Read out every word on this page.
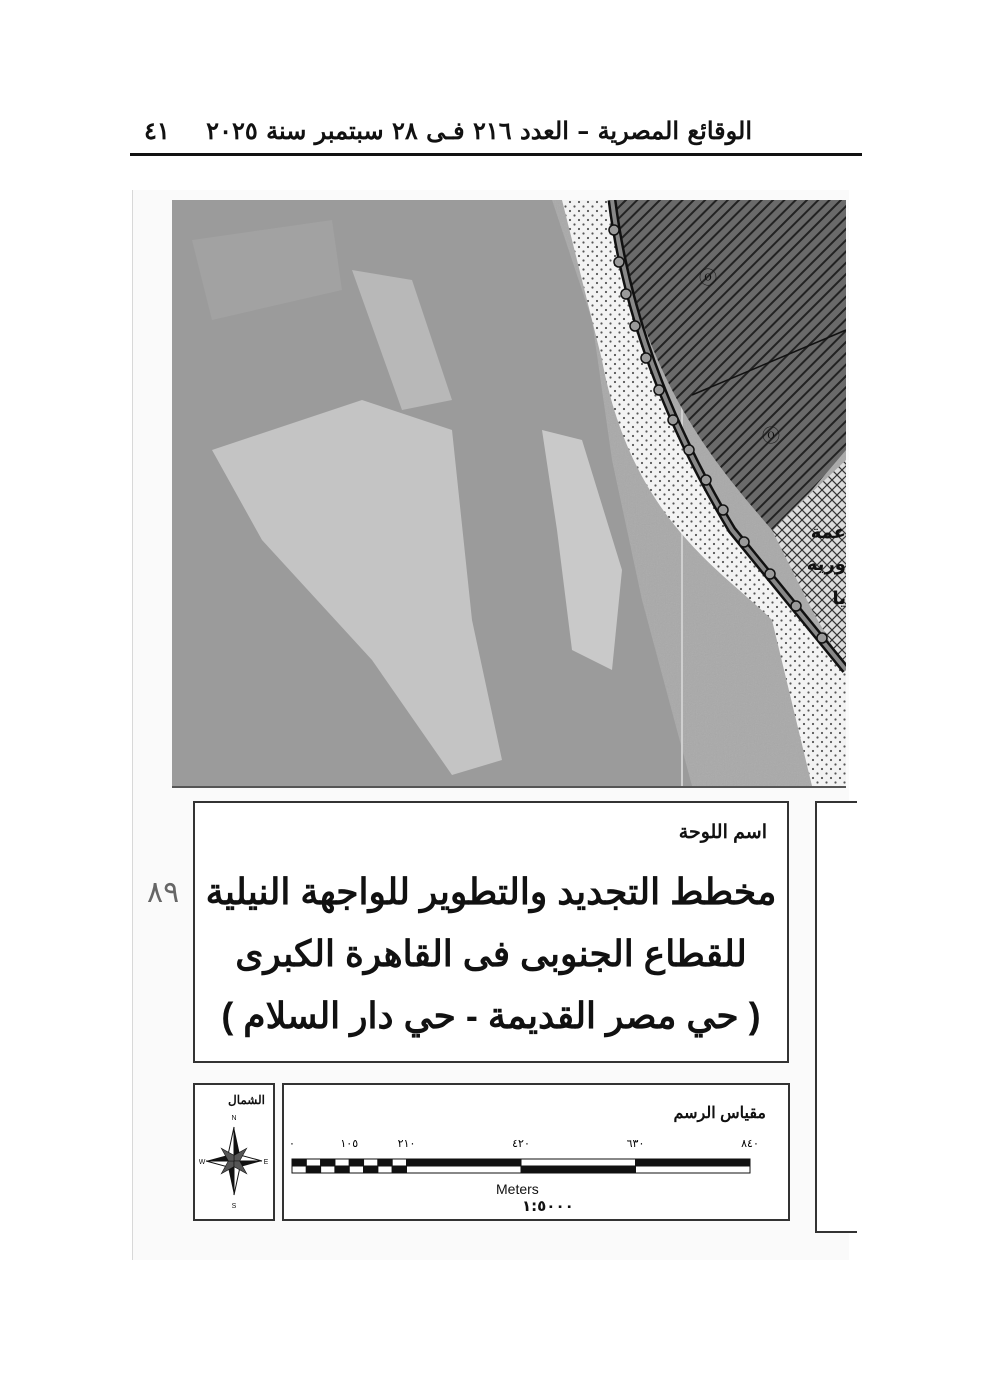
الوقائع المصرية – العدد ٢١٦ فـى ٢٨ سبتمبر سنة ٢٠٢٥
٤١
ⓞ
ⓞ
عمة
ورية
يا
اسم اللوحة
مخطط التجديد والتطوير للواجهة النيلية
للقطاع الجنوبى فى القاهرة الكبرى
( حي مصر القديمة - حي دار السلام )
٨٩
الشمال
N
S
E
W
مقياس الرسم
٠	١٠٥	٢١٠	٤٢٠	٦٣٠	٨٤٠
Meters
١:٥٠٠٠
